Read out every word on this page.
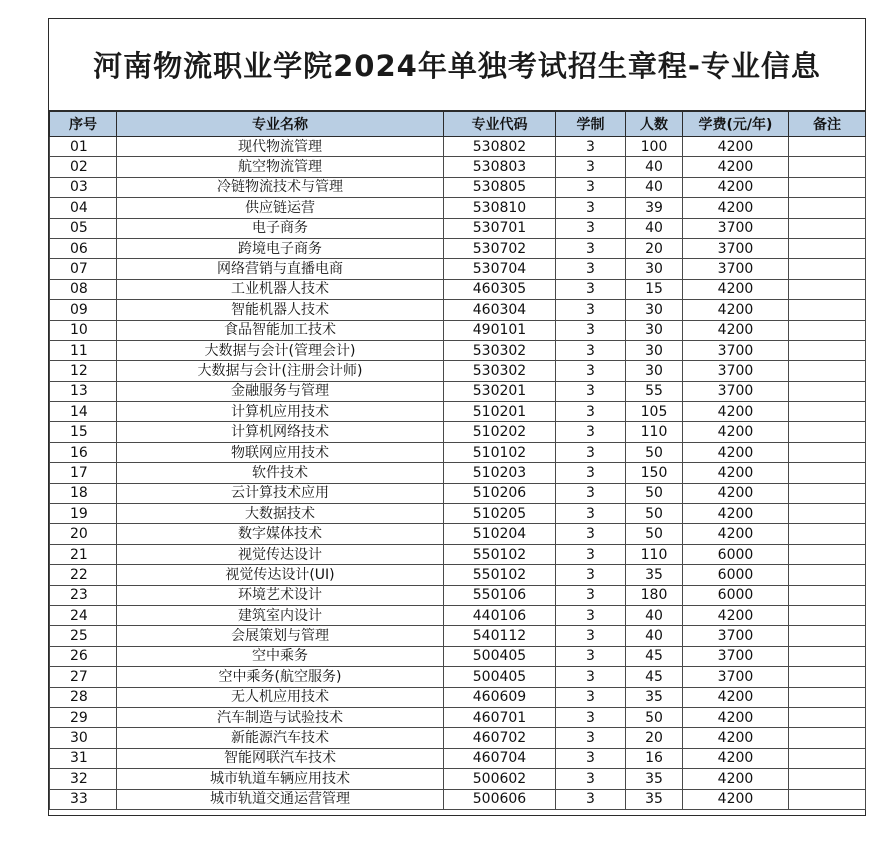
河南物流职业学院2024年单独考试招生章程-专业信息
序号	专业名称	专业代码	学制	人数	学费(元/年)	备注
01	现代物流管理	530802	3	100	4200	
02	航空物流管理	530803	3	40	4200	
03	冷链物流技术与管理	530805	3	40	4200	
04	供应链运营	530810	3	39	4200	
05	电子商务	530701	3	40	3700	
06	跨境电子商务	530702	3	20	3700	
07	网络营销与直播电商	530704	3	30	3700	
08	工业机器人技术	460305	3	15	4200	
09	智能机器人技术	460304	3	30	4200	
10	食品智能加工技术	490101	3	30	4200	
11	大数据与会计(管理会计)	530302	3	30	3700	
12	大数据与会计(注册会计师)	530302	3	30	3700	
13	金融服务与管理	530201	3	55	3700	
14	计算机应用技术	510201	3	105	4200	
15	计算机网络技术	510202	3	110	4200	
16	物联网应用技术	510102	3	50	4200	
17	软件技术	510203	3	150	4200	
18	云计算技术应用	510206	3	50	4200	
19	大数据技术	510205	3	50	4200	
20	数字媒体技术	510204	3	50	4200	
21	视觉传达设计	550102	3	110	6000	
22	视觉传达设计(UI)	550102	3	35	6000	
23	环境艺术设计	550106	3	180	6000	
24	建筑室内设计	440106	3	40	4200	
25	会展策划与管理	540112	3	40	3700	
26	空中乘务	500405	3	45	3700	
27	空中乘务(航空服务)	500405	3	45	3700	
28	无人机应用技术	460609	3	35	4200	
29	汽车制造与试验技术	460701	3	50	4200	
30	新能源汽车技术	460702	3	20	4200	
31	智能网联汽车技术	460704	3	16	4200	
32	城市轨道车辆应用技术	500602	3	35	4200	
33	城市轨道交通运营管理	500606	3	35	4200	
